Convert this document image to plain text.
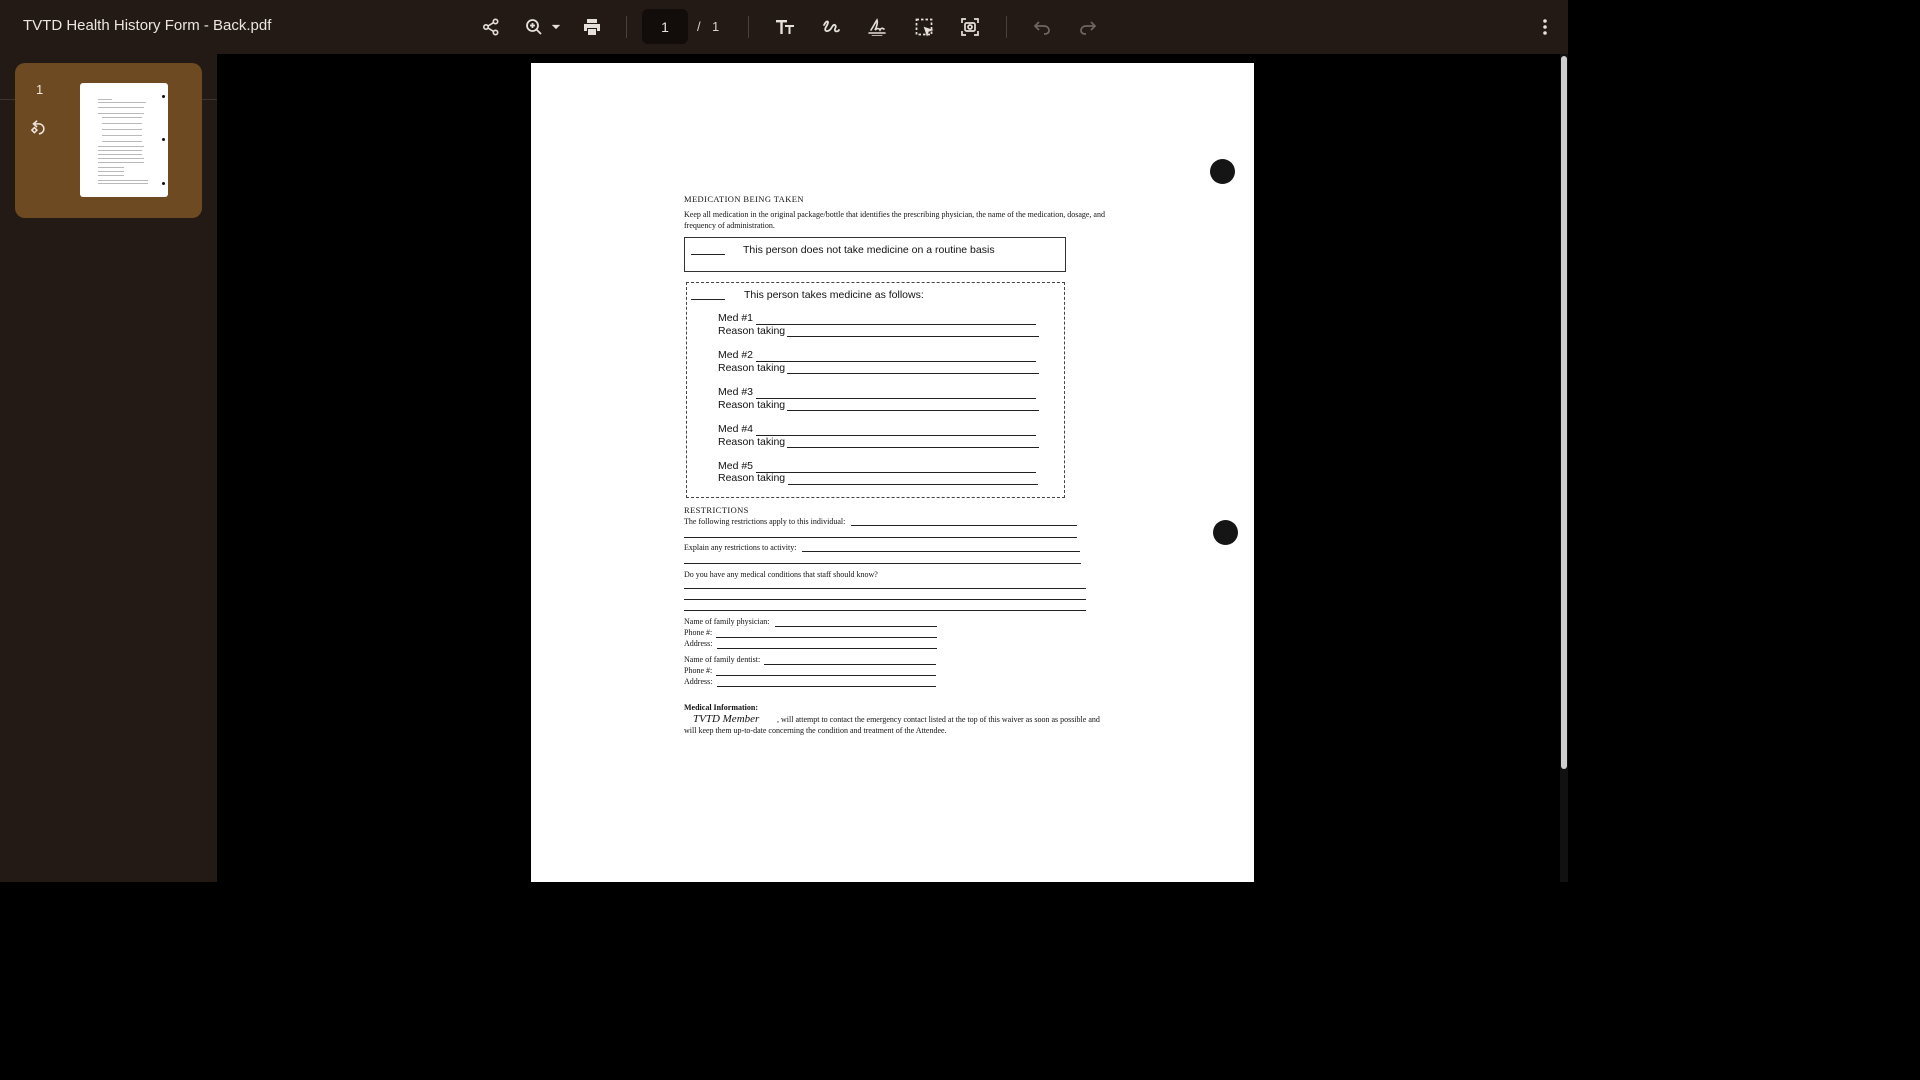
TVTD Health History Form - Back.pdf	1	/ 1
1
MEDICATION BEING TAKEN
Keep all medication in the original package/bottle that identifies the prescribing physician, the name of the medication, dosage, and
frequency of administration.
This person does not take medicine on a routine basis
This person takes medicine as follows:
Med #1
Reason taking
Med #2
Reason taking
Med #3
Reason taking
Med #4
Reason taking
Med #5
Reason taking
RESTRICTIONS
The following restrictions apply to this individual:
Explain any restrictions to activity:
Do you have any medical conditions that staff should know?
Name of family physician:
Phone #:
Address:
Name of family dentist:
Phone #:
Address:
Medical Information:
TVTD Member , will attempt to contact the emergency contact listed at the top of this waiver as soon as possible and
will keep them up-to-date concerning the condition and treatment of the Attendee.
